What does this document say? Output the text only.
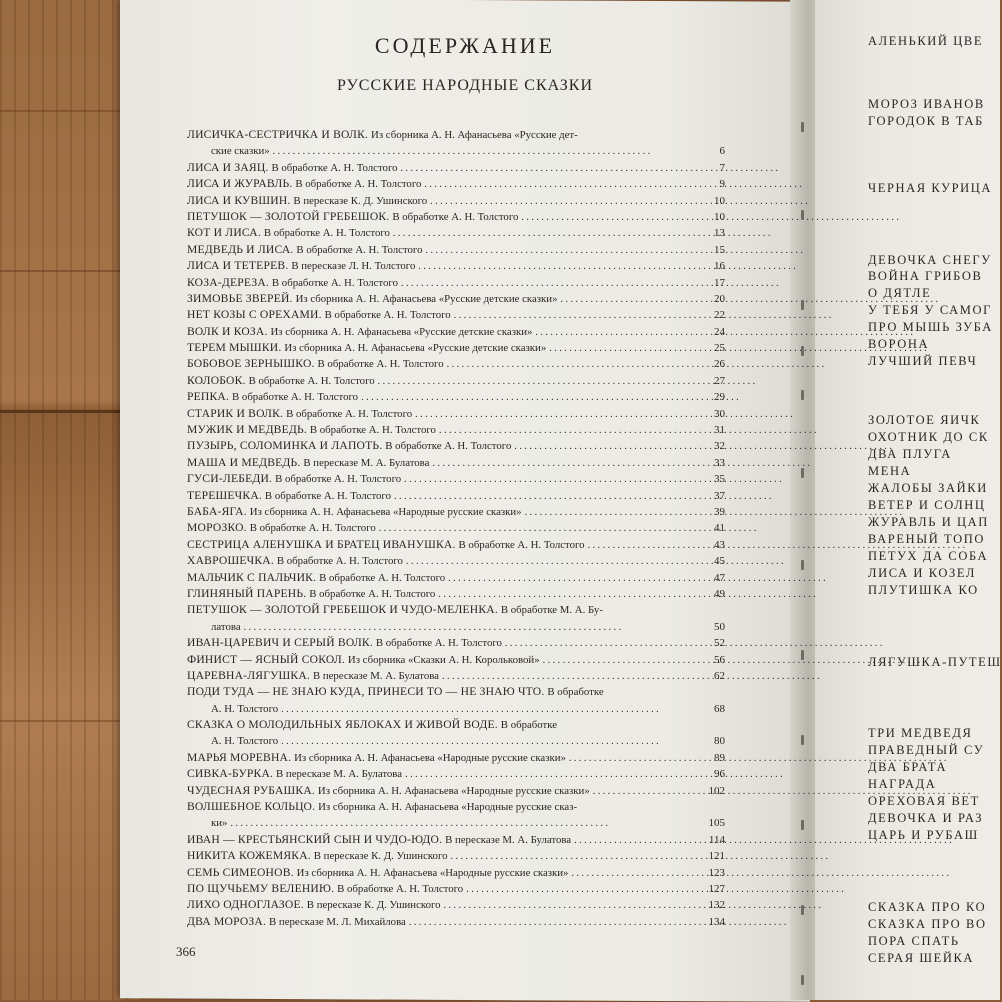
СОДЕРЖАНИЕ
РУССКИЕ НАРОДНЫЕ СКАЗКИ
ЛИСИЧКА-СЕСТРИЧКА И ВОЛК. Из сборника А. Н. Афанасьева «Русские дет-
ские сказки» . . .	6
ЛИСА И ЗАЯЦ. В обработке А. Н. Толстого . . .	7
ЛИСА И ЖУРАВЛЬ. В обработке А. Н. Толстого . . .	9
ЛИСА И КУВШИН. В пересказе К. Д. Ушинского . . .	10
ПЕТУШОК — ЗОЛОТОЙ ГРЕБЕШОК. В обработке А. Н. Толстого . . .	10
КОТ И ЛИСА. В обработке А. Н. Толстого . . .	13
МЕДВЕДЬ И ЛИСА. В обработке А. Н. Толстого . . .	15
ЛИСА И ТЕТЕРЕВ. В пересказе Л. Н. Толстого . . .	16
КОЗА-ДЕРЕЗА. В обработке А. Н. Толстого . . .	17
ЗИМОВЬЕ ЗВЕРЕЙ. Из сборника А. Н. Афанасьева «Русские детские сказки» . . .	20
НЕТ КОЗЫ С ОРЕХАМИ. В обработке А. Н. Толстого . . .	22
ВОЛК И КОЗА. Из сборника А. Н. Афанасьева «Русские детские сказки» . . .	24
ТЕРЕМ МЫШКИ. Из сборника А. Н. Афанасьева «Русские детские сказки» . . .	25
БОБОВОЕ ЗЕРНЫШКО. В обработке А. Н. Толстого . . .	26
КОЛОБОК. В обработке А. Н. Толстого . . .	27
РЕПКА. В обработке А. Н. Толстого . . .	29
СТАРИК И ВОЛК. В обработке А. Н. Толстого . . .	30
МУЖИК И МЕДВЕДЬ. В обработке А. Н. Толстого . . .	31
ПУЗЫРЬ, СОЛОМИНКА И ЛАПОТЬ. В обработке А. Н. Толстого . . .	32
МАША И МЕДВЕДЬ. В пересказе М. А. Булатова . . .	33
ГУСИ-ЛЕБЕДИ. В обработке А. Н. Толстого . . .	35
ТЕРЕШЕЧКА. В обработке А. Н. Толстого . . .	37
БАБА-ЯГА. Из сборника А. Н. Афанасьева «Народные русские сказки» . . .	39
МОРОЗКО. В обработке А. Н. Толстого . . .	41
СЕСТРИЦА АЛЕНУШКА И БРАТЕЦ ИВАНУШКА. В обработке А. Н. Толстого . . .	43
ХАВРОШЕЧКА. В обработке А. Н. Толстого . . .	45
МАЛЬЧИК С ПАЛЬЧИК. В обработке А. Н. Толстого . . .	47
ГЛИНЯНЫЙ ПАРЕНЬ. В обработке А. Н. Толстого . . .	49
ПЕТУШОК — ЗОЛОТОЙ ГРЕБЕШОК И ЧУДО-МЕЛЕНКА. В обработке М. А. Бу-
латова . . .	50
ИВАН-ЦАРЕВИЧ И СЕРЫЙ ВОЛК. В обработке А. Н. Толстого . . .	52
ФИНИСТ — ЯСНЫЙ СОКОЛ. Из сборника «Сказки А. Н. Корольковой» . . .	56
ЦАРЕВНА-ЛЯГУШКА. В пересказе М. А. Булатова . . .	62
ПОДИ ТУДА — НЕ ЗНАЮ КУДА, ПРИНЕСИ ТО — НЕ ЗНАЮ ЧТО. В обработке
А. Н. Толстого . . .	68
СКАЗКА О МОЛОДИЛЬНЫХ ЯБЛОКАХ И ЖИВОЙ ВОДЕ. В обработке
А. Н. Толстого . . .	80
МАРЬЯ МОРЕВНА. Из сборника А. Н. Афанасьева «Народные русские сказки» . . .	89
СИВКА-БУРКА. В пересказе М. А. Булатова . . .	96
ЧУДЕСНАЯ РУБАШКА. Из сборника А. Н. Афанасьева «Народные русские сказки» . . .	102
ВОЛШЕБНОЕ КОЛЬЦО. Из сборника А. Н. Афанасьева «Народные русские сказ-
ки» . . .	105
ИВАН — КРЕСТЬЯНСКИЙ СЫН И ЧУДО-ЮДО. В пересказе М. А. Булатова . . .	114
НИКИТА КОЖЕМЯКА. В пересказе К. Д. Ушинского . . .	121
СЕМЬ СИМЕОНОВ. Из сборника А. Н. Афанасьева «Народные русские сказки» . . .	123
ПО ЩУЧЬЕМУ ВЕЛЕНИЮ. В обработке А. Н. Толстого . . .	127
ЛИХО ОДНОГЛАЗОЕ. В пересказе К. Д. Ушинского . . .	132
ДВА МОРОЗА. В пересказе М. Л. Михайлова . . .	134
366
АЛЕНЬКИЙ ЦВЕ
МОРОЗ ИВАНОВ
ГОРОДОК В ТАБ
ЧЕРНАЯ КУРИЦА
ДЕВОЧКА СНЕГУ
ВОЙНА ГРИБОВ
О ДЯТЛЕ
У ТЕБЯ У САМОГ
ПРО МЫШЬ ЗУБА
ВОРОНА
ЛУЧШИЙ ПЕВЧ
ЗОЛОТОЕ ЯИЧК
ОХОТНИК ДО СК
ДВА ПЛУГА
МЕНА
ЖАЛОБЫ ЗАЙКИ
ВЕТЕР И СОЛНЦ
ЖУРАВЛЬ И ЦАП
ВАРЕНЫЙ ТОПО
ПЕТУХ ДА СОБА
ЛИСА И КОЗЕЛ
ПЛУТИШКА КО
ЛЯГУШКА-ПУТЕШ
ТРИ МЕДВЕДЯ
ПРАВЕДНЫЙ СУ
ДВА БРАТА
НАГРАДА
ОРЕХОВАЯ ВЕТ
ДЕВОЧКА И РАЗ
ЦАРЬ И РУБАШ
СКАЗКА ПРО КО
СКАЗКА ПРО ВО
ПОРА СПАТЬ
СЕРАЯ ШЕЙКА
